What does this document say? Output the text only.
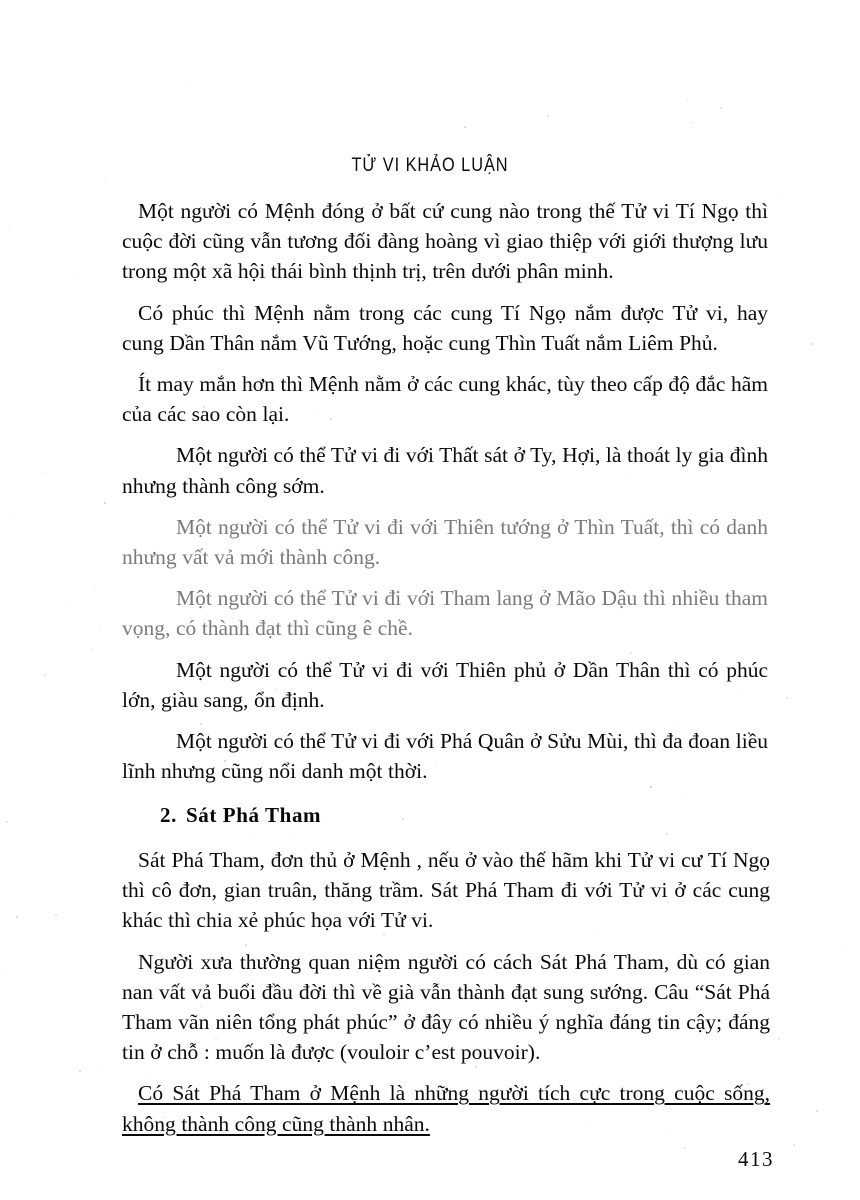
TỬ VI KHẢO LUẬN

Một người có Mệnh đóng ở bất cứ cung nào trong thế Tử vi Tí Ngọ thì cuộc đời cũng vẫn tương đối đàng hoàng vì giao thiệp với giới thượng lưu trong một xã hội thái bình thịnh trị, trên dưới phân minh.

Có phúc thì Mệnh nằm trong các cung Tí Ngọ nắm được Tử vi, hay cung Dần Thân nắm Vũ Tướng, hoặc cung Thìn Tuất nắm Liêm Phủ.

Ít may mắn hơn thì Mệnh nằm ở các cung khác, tùy theo cấp độ đắc hãm của các sao còn lại.

Một người có thể Tử vi đi với Thất sát ở Ty, Hợi, là thoát ly gia đình nhưng thành công sớm.

Một người có thể Tử vi đi với Thiên tướng ở Thìn Tuất, thì có danh nhưng vất vả mới thành công.

Một người có thể Tử vi đi với Tham lang ở Mão Dậu thì nhiều tham vọng, có thành đạt thì cũng ê chề.

Một người có thể Tử vi đi với Thiên phủ ở Dần Thân thì có phúc lớn, giàu sang, ổn định.

Một người có thể Tử vi đi với Phá Quân ở Sửu Mùi, thì đa đoan liều lĩnh nhưng cũng nổi danh một thời.

2. Sát Phá Tham

Sát Phá Tham, đơn thủ ở Mệnh , nếu ở vào thế hãm khi Tử vi cư Tí Ngọ thì cô đơn, gian truân, thăng trầm. Sát Phá Tham đi với Tử vi ở các cung khác thì chia xẻ phúc họa với Tử vi.

Người xưa thường quan niệm người có cách Sát Phá Tham, dù có gian nan vất vả buổi đầu đời thì về già vẫn thành đạt sung sướng. Câu “Sát Phá Tham vãn niên tổng phát phúc” ở đây có nhiều ý nghĩa đáng tin cậy; đáng tin ở chỗ : muốn là được (vouloir c’est pouvoir).

Có Sát Phá Tham ở Mệnh là những người tích cực trong cuộc sống, không thành công cũng thành nhân.

413
